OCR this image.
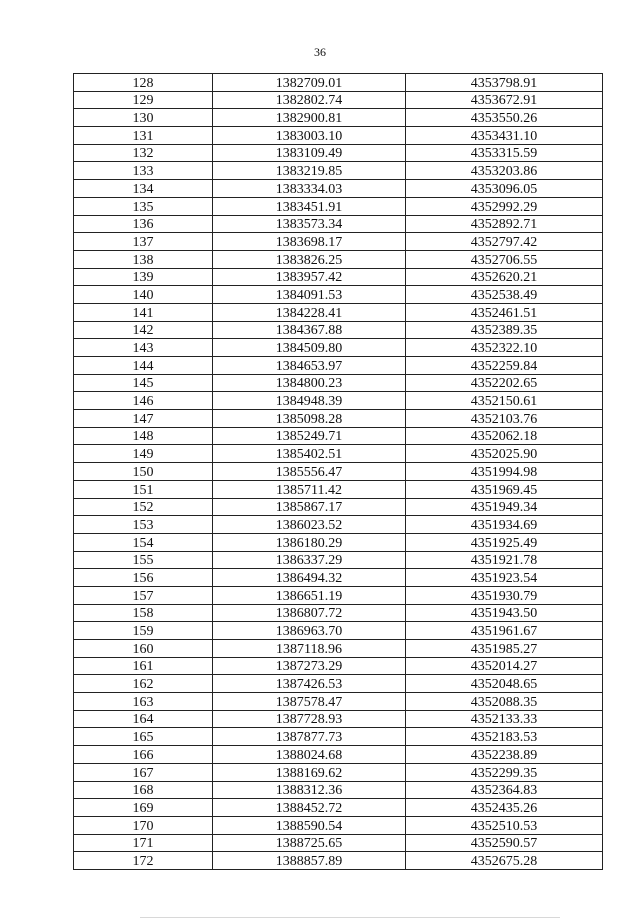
36
128	1382709.01	4353798.91
129	1382802.74	4353672.91
130	1382900.81	4353550.26
131	1383003.10	4353431.10
132	1383109.49	4353315.59
133	1383219.85	4353203.86
134	1383334.03	4353096.05
135	1383451.91	4352992.29
136	1383573.34	4352892.71
137	1383698.17	4352797.42
138	1383826.25	4352706.55
139	1383957.42	4352620.21
140	1384091.53	4352538.49
141	1384228.41	4352461.51
142	1384367.88	4352389.35
143	1384509.80	4352322.10
144	1384653.97	4352259.84
145	1384800.23	4352202.65
146	1384948.39	4352150.61
147	1385098.28	4352103.76
148	1385249.71	4352062.18
149	1385402.51	4352025.90
150	1385556.47	4351994.98
151	1385711.42	4351969.45
152	1385867.17	4351949.34
153	1386023.52	4351934.69
154	1386180.29	4351925.49
155	1386337.29	4351921.78
156	1386494.32	4351923.54
157	1386651.19	4351930.79
158	1386807.72	4351943.50
159	1386963.70	4351961.67
160	1387118.96	4351985.27
161	1387273.29	4352014.27
162	1387426.53	4352048.65
163	1387578.47	4352088.35
164	1387728.93	4352133.33
165	1387877.73	4352183.53
166	1388024.68	4352238.89
167	1388169.62	4352299.35
168	1388312.36	4352364.83
169	1388452.72	4352435.26
170	1388590.54	4352510.53
171	1388725.65	4352590.57
172	1388857.89	4352675.28
